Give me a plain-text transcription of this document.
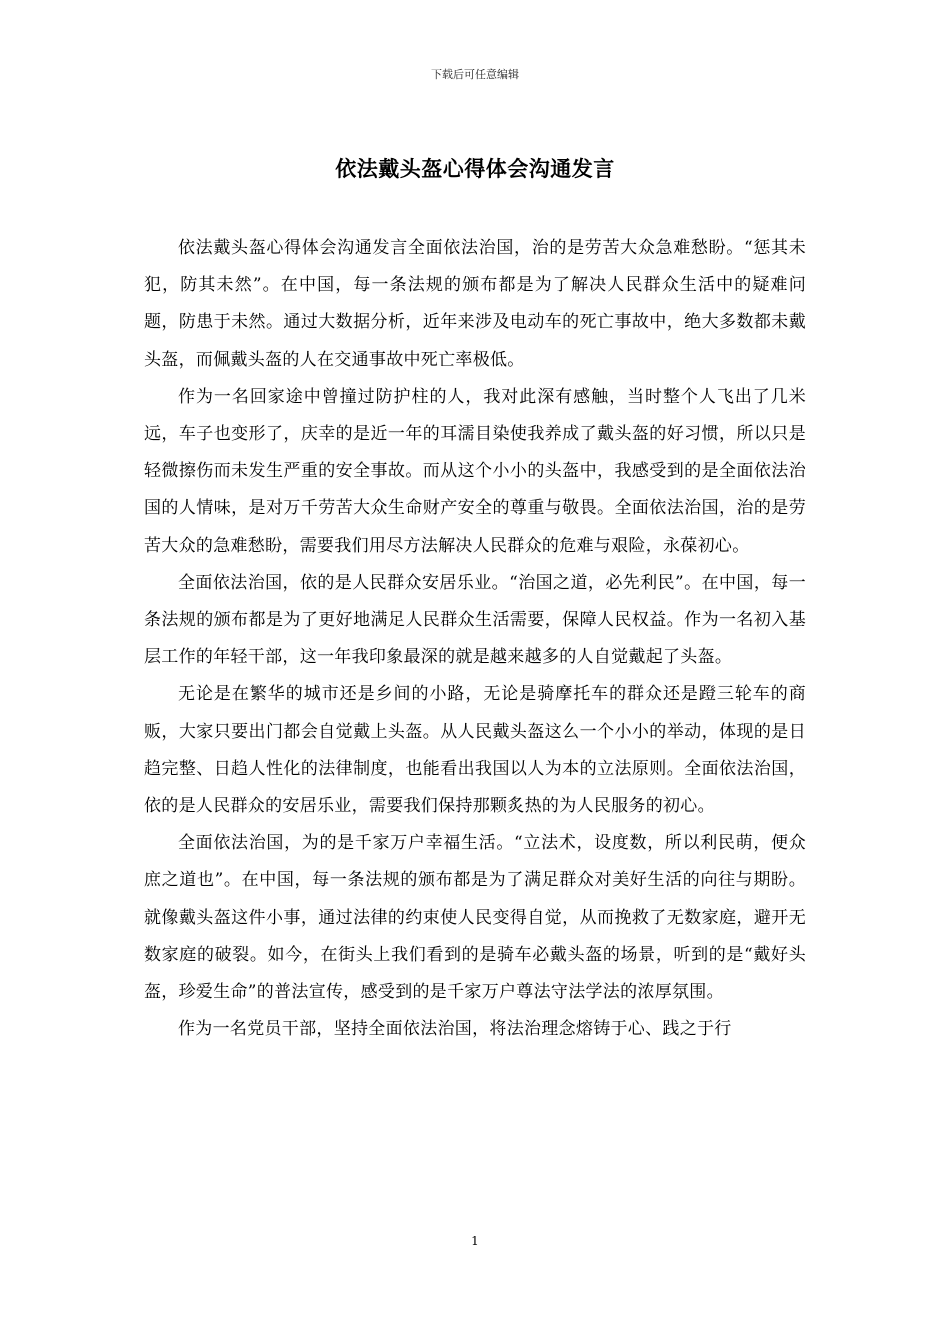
下载后可任意编辑
依法戴头盔心得体会沟通发言

依法戴头盔心得体会沟通发言全面依法治国，治的是劳苦大众急难愁盼。“惩其未犯，防其未然”。在中国，每一条法规的颁布都是为了解决人民群众生活中的疑难问题，防患于未然。通过大数据分析，近年来涉及电动车的死亡事故中，绝大多数都未戴头盔，而佩戴头盔的人在交通事故中死亡率极低。

作为一名回家途中曾撞过防护柱的人，我对此深有感触，当时整个人飞出了几米远，车子也变形了，庆幸的是近一年的耳濡目染使我养成了戴头盔的好习惯，所以只是轻微擦伤而未发生严重的安全事故。而从这个小小的头盔中，我感受到的是全面依法治国的人情味，是对万千劳苦大众生命财产安全的尊重与敬畏。全面依法治国，治的是劳苦大众的急难愁盼，需要我们用尽方法解决人民群众的危难与艰险，永葆初心。

全面依法治国，依的是人民群众安居乐业。“治国之道，必先利民”。在中国，每一条法规的颁布都是为了更好地满足人民群众生活需要，保障人民权益。作为一名初入基层工作的年轻干部，这一年我印象最深的就是越来越多的人自觉戴起了头盔。

无论是在繁华的城市还是乡间的小路，无论是骑摩托车的群众还是蹬三轮车的商贩，大家只要出门都会自觉戴上头盔。从人民戴头盔这么一个小小的举动，体现的是日趋完整、日趋人性化的法律制度，也能看出我国以人为本的立法原则。全面依法治国，依的是人民群众的安居乐业，需要我们保持那颗炙热的为人民服务的初心。

全面依法治国，为的是千家万户幸福生活。“立法术，设度数，所以利民萌，便众庶之道也”。在中国，每一条法规的颁布都是为了满足群众对美好生活的向往与期盼。就像戴头盔这件小事，通过法律的约束使人民变得自觉，从而挽救了无数家庭，避开无数家庭的破裂。如今，在街头上我们看到的是骑车必戴头盔的场景，听到的是“戴好头盔，珍爱生命”的普法宣传，感受到的是千家万户尊法守法学法的浓厚氛围。

作为一名党员干部，坚持全面依法治国，将法治理念熔铸于心、践之于行

1
